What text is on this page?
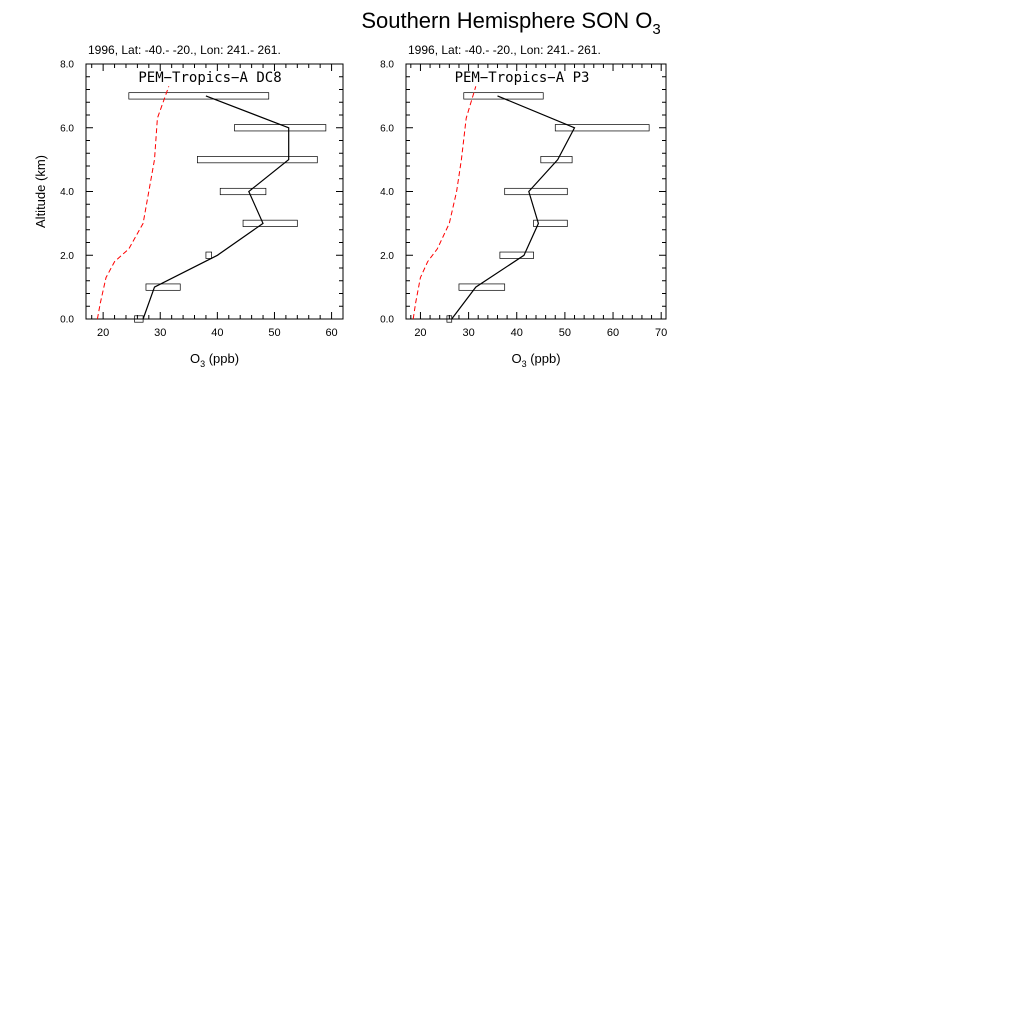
Southern Hemisphere SON $O_3$
20	30	40	50	60
0.0
2.0
4.0
6.0
8.0
1996, Lat: -40.- -20., Lon: 241.- 261.
PEM−Tropics−A DC8
$O_3$ (ppb)
Altitude (km)
20	30	40	50	60	70
0.0
2.0
4.0
6.0
8.0
1996, Lat: -40.- -20., Lon: 241.- 261.
PEM−Tropics−A P3
$O_3$ (ppb)
